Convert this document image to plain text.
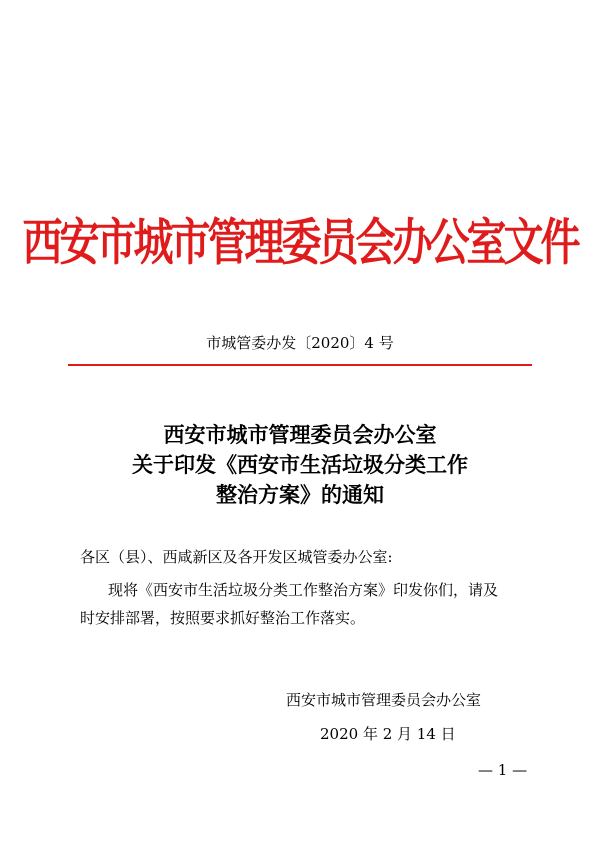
西安市城市管理委员会办公室文件
市城管委办发〔2020〕4 号
西安市城市管理委员会办公室
关于印发《西安市生活垃圾分类工作
整治方案》的通知
各区（县）、西咸新区及各开发区城管委办公室:
现将《西安市生活垃圾分类工作整治方案》印发你们，请及
时安排部署，按照要求抓好整治工作落实。
西安市城市管理委员会办公室
2020 年 2 月 14 日
— 1 —
